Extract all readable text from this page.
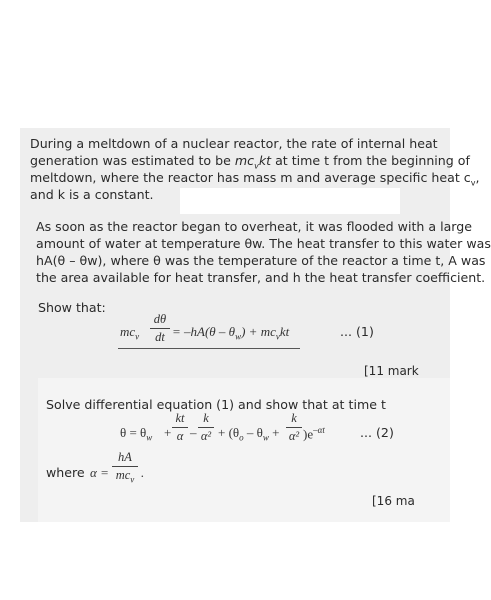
During a meltdown of a nuclear reactor, the rate of internal heat
generation was estimated to be $mc_vkt$ at time t from the beginning of
meltdown, where the reactor has mass m and average specific heat $c_v$,
and k is a constant.
As soon as the reactor began to overheat, it was flooded with a large
amount of water at temperature θw. The heat transfer to this water was
hA(θ – θw), where θ was the temperature of the reactor a time t, A was
the area available for heat transfer, and h the heat transfer coefficient.
Show that:
$mc_v$
dθ
dt = $-hA(\theta - \theta_w) + mc_vkt$	... (1)
[11 mark
Solve differential equation (1) and show that at time t
$\theta = \theta_w$ +
kt
α –
k
$\alpha^2 + (\theta_o - \theta_w$ +
k
α² )$e^{-\alpha t}$	... (2)
where α =
hA
$mc_v$ .
[16 ma
